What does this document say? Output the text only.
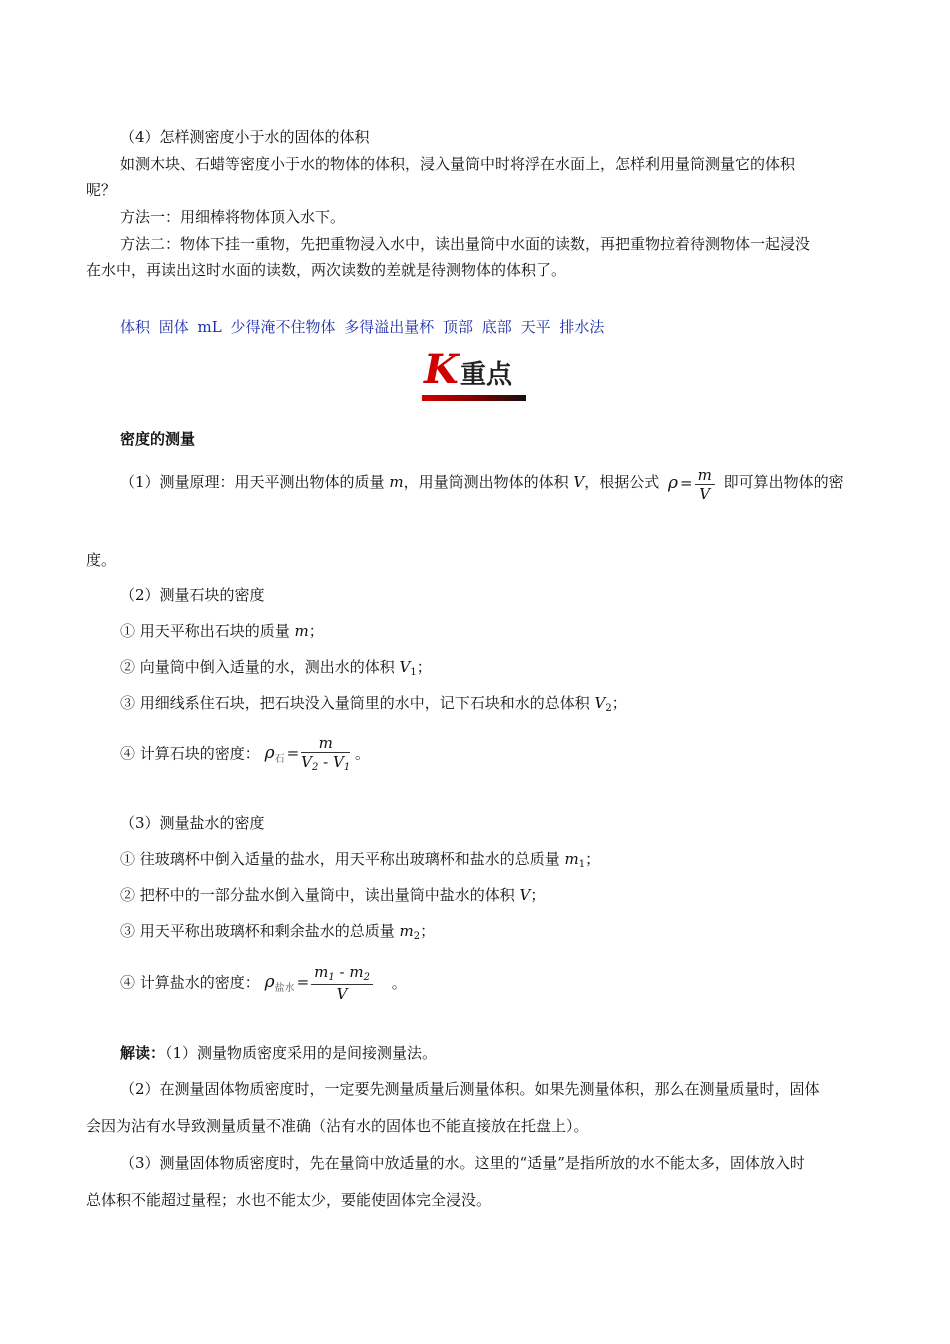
（4）怎样测密度小于水的固体的体积
如测木块、石蜡等密度小于水的物体的体积，浸入量筒中时将浮在水面上，怎样利用量筒测量它的体积
呢？
方法一：用细棒将物体顶入水下。
方法二：物体下挂一重物，先把重物浸入水中，读出量筒中水面的读数，再把重物拉着待测物体一起浸没
在水中，再读出这时水面的读数，两次读数的差就是待测物体的体积了。
体积 固体 mL 少得淹不住物体 多得溢出量杯 顶部 底部 天平 排水法
K 重点
密度的测量
（1）测量原理：用天平测出物体的质量 m，用量筒测出物体的体积 V，根据公式 $\rho = \frac{m}{V}$ 即可算出物体的密
度。
（2）测量石块的密度
① 用天平称出石块的质量 m；
② 向量筒中倒入适量的水，测出水的体积 $V_1$；
③ 用细线系住石块，把石块没入量筒里的水中，记下石块和水的总体积 $V_2$；
④ 计算石块的密度： $\rho_石 = \frac{m}{V_2 - V_1}$ 。
（3）测量盐水的密度
① 往玻璃杯中倒入适量的盐水，用天平称出玻璃杯和盐水的总质量 $m_1$；
② 把杯中的一部分盐水倒入量筒中，读出量筒中盐水的体积 V；
③ 用天平称出玻璃杯和剩余盐水的总质量 $m_2$；
④ 计算盐水的密度： $\rho_{盐水} = \frac{m_1 - m_2}{V}$ 。
解读：（1）测量物质密度采用的是间接测量法。
（2）在测量固体物质密度时，一定要先测量质量后测量体积。如果先测量体积，那么在测量质量时，固体
会因为沾有水导致测量质量不准确（沾有水的固体也不能直接放在托盘上）。
（3）测量固体物质密度时，先在量筒中放适量的水。这里的“适量”是指所放的水不能太多，固体放入时
总体积不能超过量程；水也不能太少，要能使固体完全浸没。
